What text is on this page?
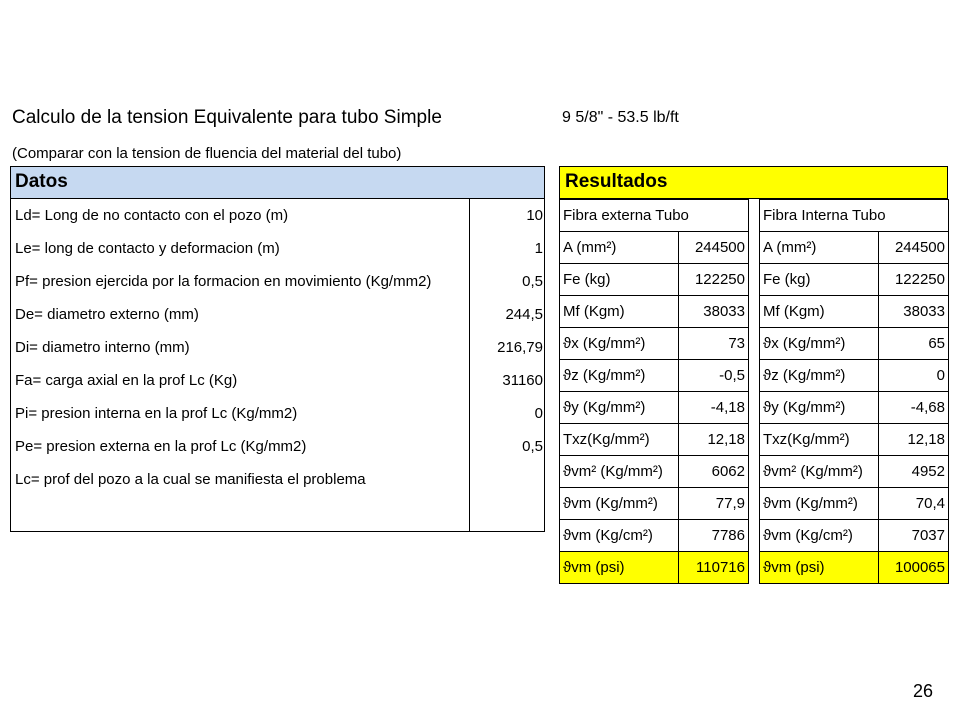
Calculo de la tension Equivalente para tubo Simple	9 5/8" - 53.5 lb/ft
(Comparar con la tension de fluencia del material del tubo)
Datos
Ld= Long de no contacto con el pozo (m)	10
Le= long de contacto y deformacion (m)	1
Pf= presion ejercida por la formacion en movimiento (Kg/mm2)	0,5
De= diametro externo (mm)	244,5
Di= diametro interno (mm)	216,79
Fa= carga axial en la prof Lc (Kg)	31160
Pi= presion interna en la prof Lc (Kg/mm2)	0
Pe= presion externa en la prof Lc (Kg/mm2)	0,5
Lc= prof del pozo a la cual se manifiesta el problema
Resultados
Fibra externa Tubo	
A (mm²)	244500
Fe (kg)	122250
Mf (Kgm)	38033
ϑx (Kg/mm²)	73
ϑz (Kg/mm²)	-0,5
ϑy (Kg/mm²)	-4,18
Txz(Kg/mm²)	12,18
ϑvm² (Kg/mm²)	6062
ϑvm (Kg/mm²)	77,9
ϑvm (Kg/cm²)	7786
ϑvm (psi)	110716
Fibra Interna Tubo	
A (mm²)	244500
Fe (kg)	122250
Mf (Kgm)	38033
ϑx (Kg/mm²)	65
ϑz (Kg/mm²)	0
ϑy (Kg/mm²)	-4,68
Txz(Kg/mm²)	12,18
ϑvm² (Kg/mm²)	4952
ϑvm (Kg/mm²)	70,4
ϑvm (Kg/cm²)	7037
ϑvm (psi)	100065
26
